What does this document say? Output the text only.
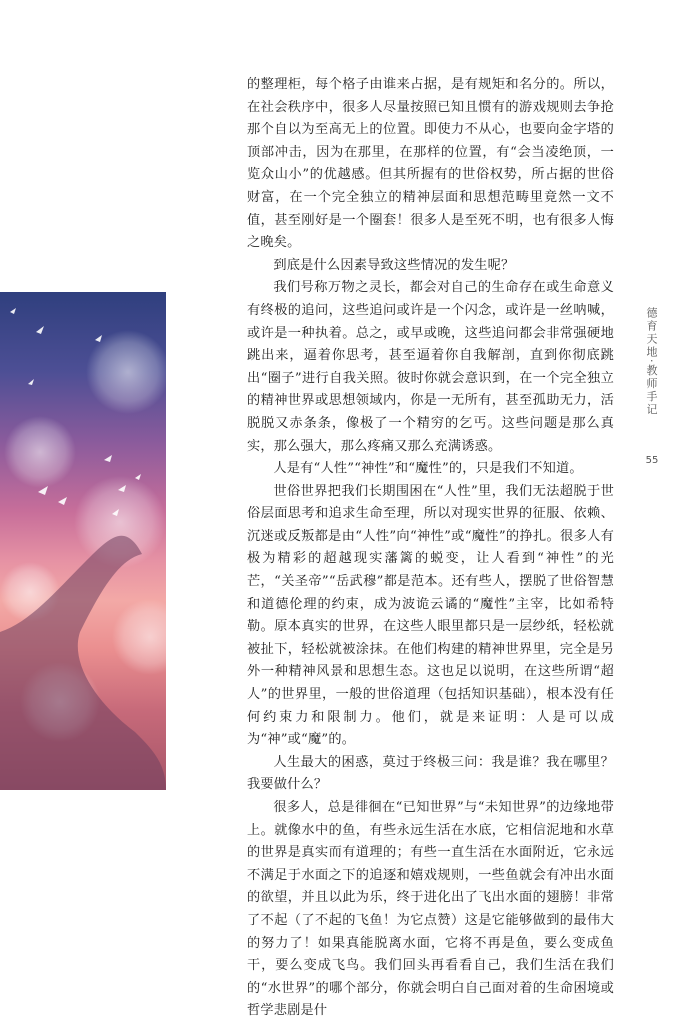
的整理柜，每个格子由谁来占据，是有规矩和名分的。所以，在社会秩序中，很多人尽量按照已知且惯有的游戏规则去争抢那个自以为至高无上的位置。即使力不从心，也要向金字塔的顶部冲击，因为在那里，在那样的位置，有“会当凌绝顶，一览众山小”的优越感。但其所握有的世俗权势，所占据的世俗财富，在一个完全独立的精神层面和思想范畴里竟然一文不值，甚至刚好是一个圈套！很多人是至死不明，也有很多人悔之晚矣。

到底是什么因素导致这些情况的发生呢？

我们号称万物之灵长，都会对自己的生命存在或生命意义有终极的追问，这些追问或许是一个闪念，或许是一丝呐喊，或许是一种执着。总之，或早或晚，这些追问都会非常强硬地跳出来，逼着你思考，甚至逼着你自我解剖，直到你彻底跳出“圈子”进行自我关照。彼时你就会意识到，在一个完全独立的精神世界或思想领域内，你是一无所有，甚至孤助无力，活脱脱又赤条条，像极了一个精穷的乞丐。这些问题是那么真实，那么强大，那么疼痛又那么充满诱惑。

人是有“人性”“神性”和“魔性”的，只是我们不知道。

世俗世界把我们长期围困在“人性”里，我们无法超脱于世俗层面思考和追求生命至理，所以对现实世界的征服、依赖、沉迷或反叛都是由“人性”向“神性”或“魔性”的挣扎。很多人有极为精彩的超越现实藩篱的蜕变，让人看到“神性”的光芒，“关圣帝”“岳武穆”都是范本。还有些人，摆脱了世俗智慧和道德伦理的约束，成为波诡云谲的“魔性”主宰，比如希特勒。原本真实的世界，在这些人眼里都只是一层纱纸，轻松就被扯下，轻松就被涂抹。在他们构建的精神世界里，完全是另外一种精神风景和思想生态。这也足以说明，在这些所谓“超人”的世界里，一般的世俗道理（包括知识基础），根本没有任何约束力和限制力。他们，就是来证明：人是可以成为“神”或“魔”的。

人生最大的困惑，莫过于终极三问：我是谁？我在哪里？我要做什么？

很多人，总是徘徊在“已知世界”与“未知世界”的边缘地带上。就像水中的鱼，有些永远生活在水底，它相信泥地和水草的世界是真实而有道理的；有些一直生活在水面附近，它永远不满足于水面之下的追逐和嬉戏规则，一些鱼就会有冲出水面的欲望，并且以此为乐，终于进化出了飞出水面的翅膀！非常了不起（了不起的飞鱼！为它点赞）这是它能够做到的最伟大的努力了！如果真能脱离水面，它将不再是鱼，要么变成鱼干，要么变成飞鸟。我们回头再看看自己，我们生活在我们的“水世界”的哪个部分，你就会明白自己面对着的生命困境或哲学悲剧是什

德育天地·教师手记
55
